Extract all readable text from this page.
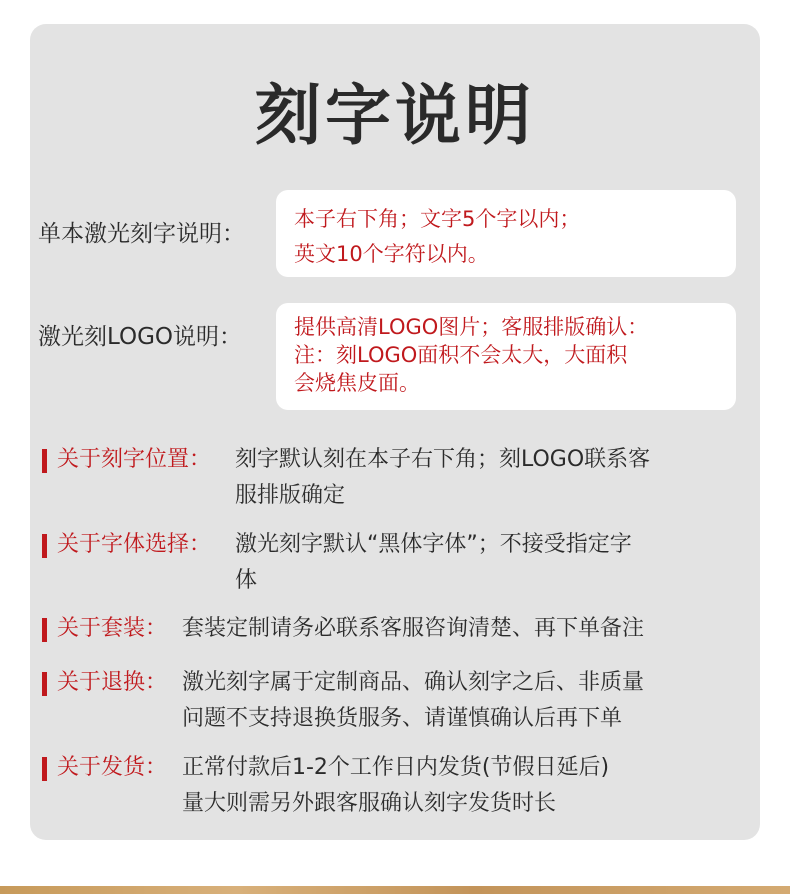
刻字说明
单本激光刻字说明：
本子右下角；文字5个字以内；
英文10个字符以内。
激光刻LOGO说明： 提供高清LOGO图片；客服排版确认：
注：刻LOGO面积不会太大，大面积
会烧焦皮面。
关于刻字位置： 刻字默认刻在本子右下角；刻LOGO联系客
服排版确定
关于字体选择： 激光刻字默认“黑体字体”；不接受指定字
体
关于套装： 套装定制请务必联系客服咨询清楚、再下单备注
关于退换： 激光刻字属于定制商品、确认刻字之后、非质量
问题不支持退换货服务、请谨慎确认后再下单
关于发货： 正常付款后1-2个工作日内发货(节假日延后)
量大则需另外跟客服确认刻字发货时长
